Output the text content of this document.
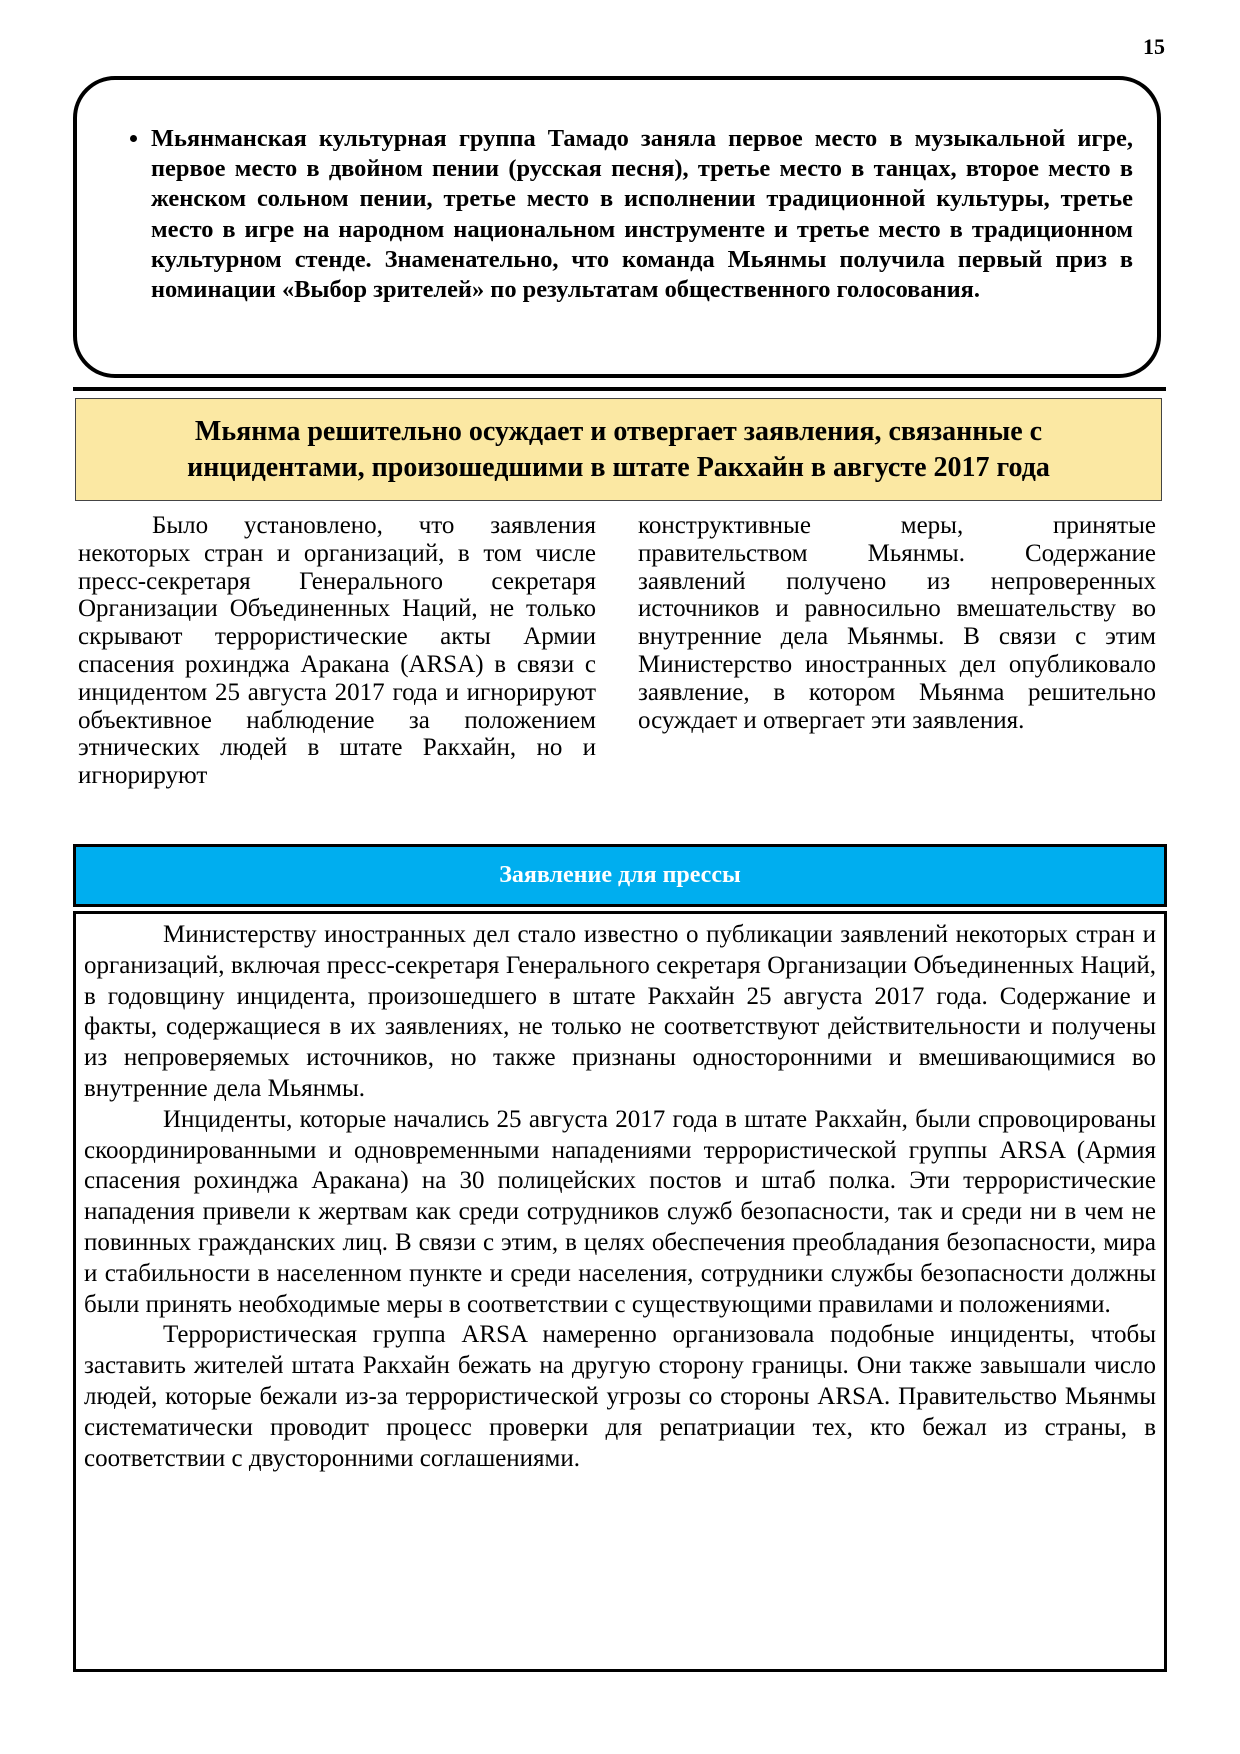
15
• Мьянманская культурная группа Тамадо заняла первое место в музыкальной игре, первое место в двойном пении (русская песня), третье место в танцах, второе место в женском сольном пении, третье место в исполнении традиционной культуры, третье место в игре на народном национальном инструменте и третье место в традиционном культурном стенде. Знаменательно, что команда Мьянмы получила первый приз в номинации «Выбор зрителей» по результатам общественного голосования.
Мьянма решительно осуждает и отвергает заявления, связанные с
инцидентами, произошедшими в штате Ракхайн в августе 2017 года

Было установлено, что заявления некоторых стран и организаций, в том числе пресс-секретаря Генерального секретаря Организации Объединенных Наций, не только скрывают террористические акты Армии спасения рохинджа Аракана (ARSA) в связи с инцидентом 25 августа 2017 года и игнорируют объективное наблюдение за положением этнических людей в штате Ракхайн, но и игнорируют

конструктивные меры, принятые правительством Мьянмы. Содержание заявлений получено из непроверенных источников и равносильно вмешательству во внутренние дела Мьянмы. В связи с этим Министерство иностранных дел опубликовало заявление, в котором Мьянма решительно осуждает и отвергает эти заявления.

Заявление для прессы

Министерству иностранных дел стало известно о публикации заявлений некоторых стран и организаций, включая пресс-секретаря Генерального секретаря Организации Объединенных Наций, в годовщину инцидента, произошедшего в штате Ракхайн 25 августа 2017 года. Содержание и факты, содержащиеся в их заявлениях, не только не соответствуют действительности и получены из непроверяемых источников, но также признаны односторонними и вмешивающимися во внутренние дела Мьянмы.

Инциденты, которые начались 25 августа 2017 года в штате Ракхайн, были спровоцированы скоординированными и одновременными нападениями террористической группы ARSA (Армия спасения рохинджа Аракана) на 30 полицейских постов и штаб полка. Эти террористические нападения привели к жертвам как среди сотрудников служб безопасности, так и среди ни в чем не повинных гражданских лиц. В связи с этим, в целях обеспечения преобладания безопасности, мира и стабильности в населенном пункте и среди населения, сотрудники службы безопасности должны были принять необходимые меры в соответствии с существующими правилами и положениями.

Террористическая группа ARSA намеренно организовала подобные инциденты, чтобы заставить жителей штата Ракхайн бежать на другую сторону границы. Они также завышали число людей, которые бежали из-за террористической угрозы со стороны ARSA. Правительство Мьянмы систематически проводит процесс проверки для репатриации тех, кто бежал из страны, в соответствии с двусторонними соглашениями.
